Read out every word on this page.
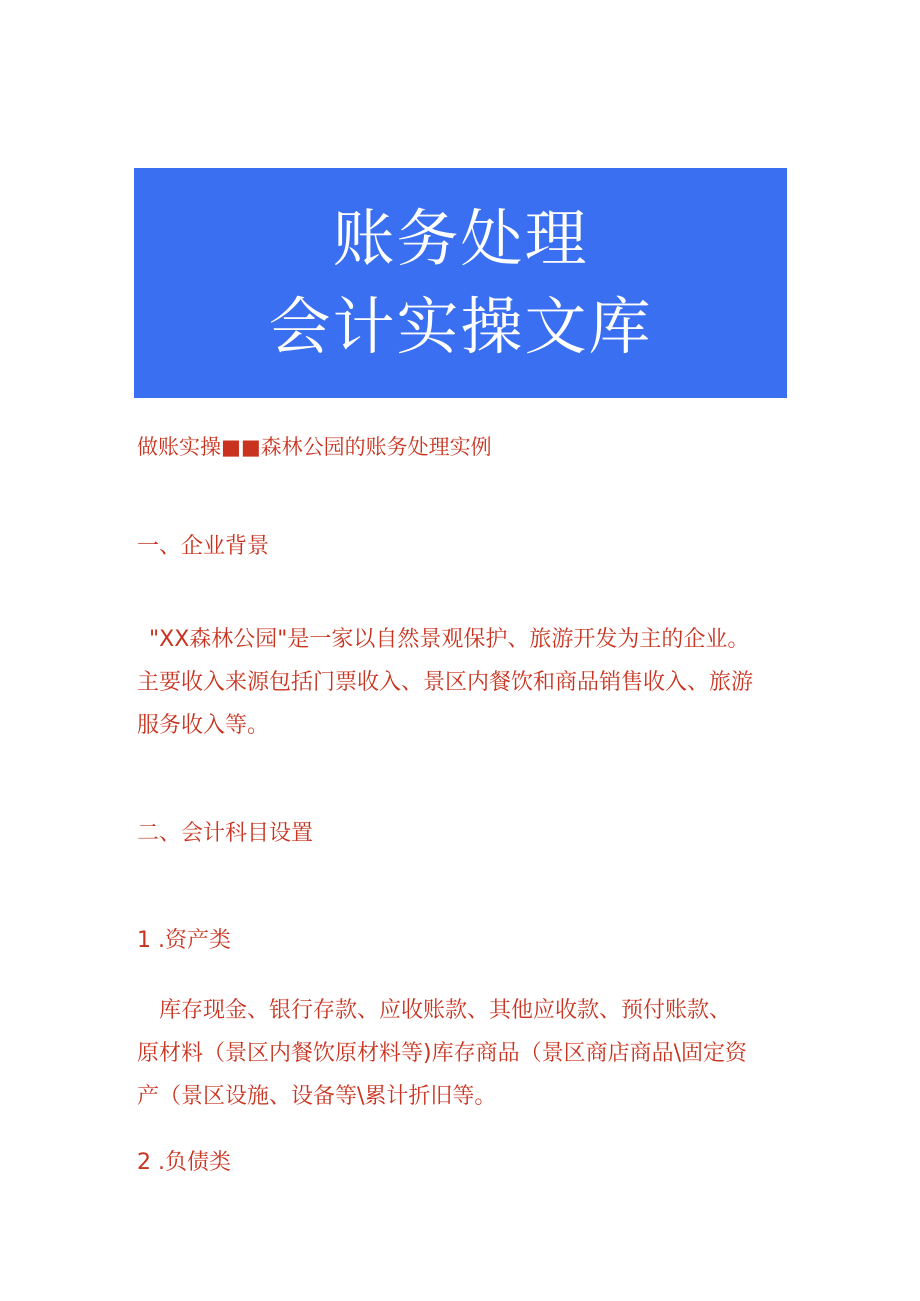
账务处理
会计实操文库
做账实操■■森林公园的账务处理实例
一、企业背景

"XX森林公园"是一家以自然景观保护、旅游开发为主的企业。

主要收入来源包括门票收入、景区内餐饮和商品销售收入、旅游

服务收入等。

二、会计科目设置
1 .资产类

　库存现金、银行存款、应收账款、其他应收款、预付账款、

原材料（景区内餐饮原材料等)库存商品（景区商店商品\固定资

产（景区设施、设备等\累计折旧等。

2 .负债类
